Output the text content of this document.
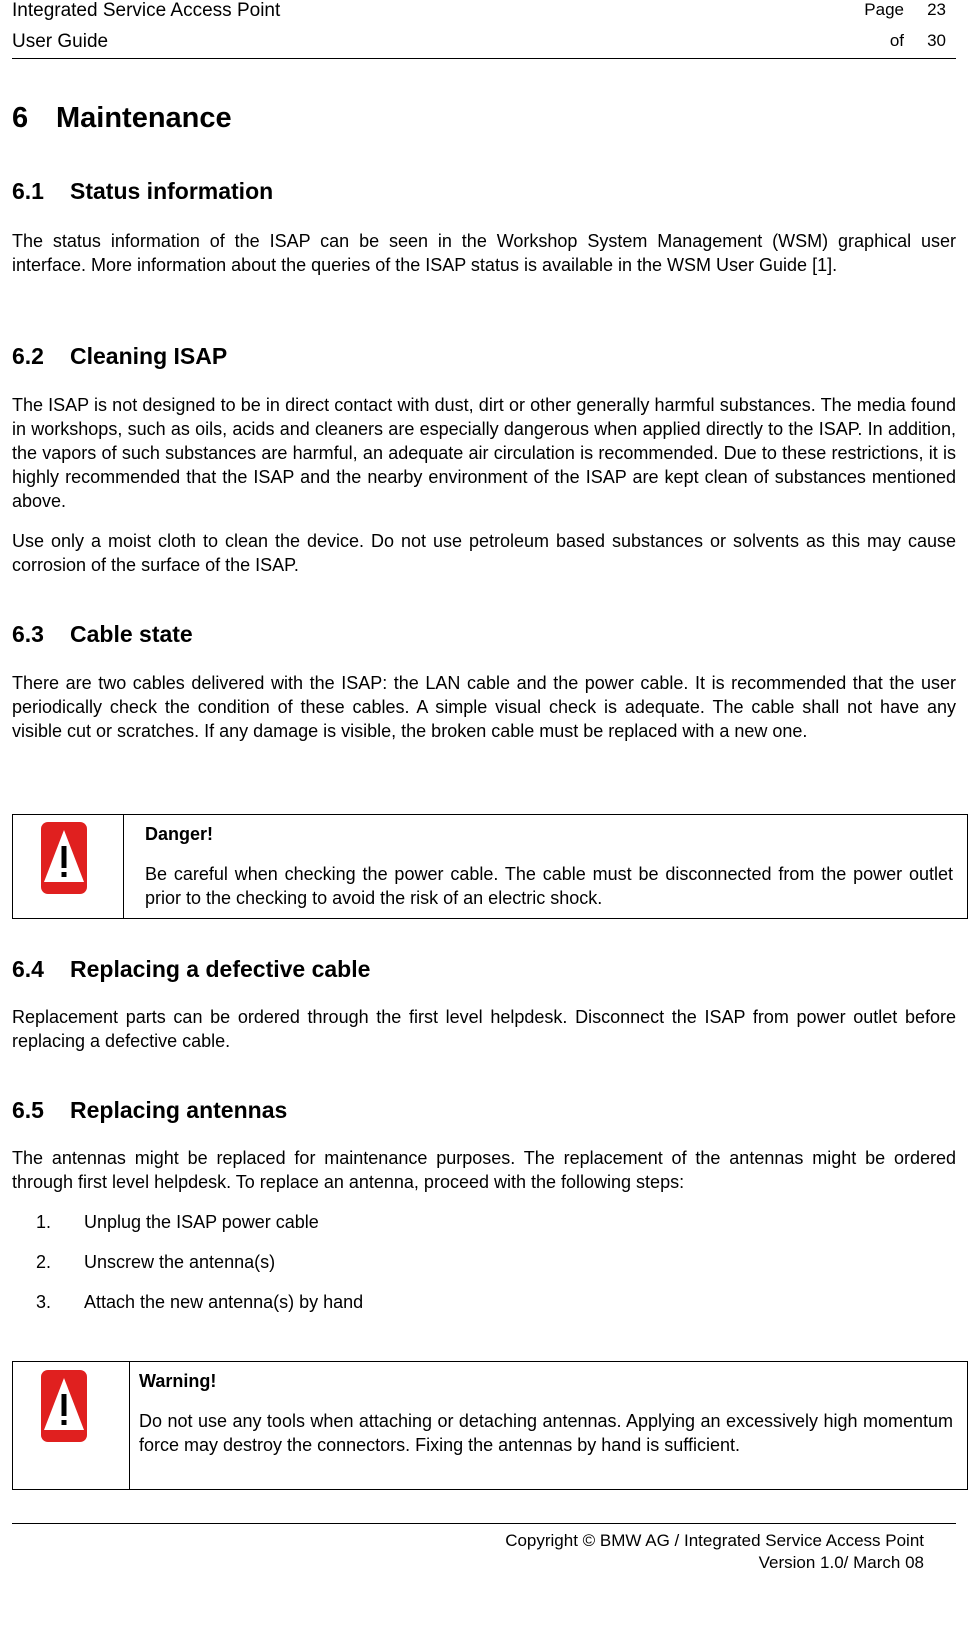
Integrated Service Access Point
User Guide
Page 23
of 30
6 Maintenance
6.1 Status information

The status information of the ISAP can be seen in the Workshop System Management (WSM) graphical user interface. More information about the queries of the ISAP status is available in the WSM User Guide [1].

6.2 Cleaning ISAP

The ISAP is not designed to be in direct contact with dust, dirt or other generally harmful substances. The media found in workshops, such as oils, acids and cleaners are especially dangerous when applied directly to the ISAP. In addition, the vapors of such substances are harmful, an adequate air circulation is recommended. Due to these restrictions, it is highly recommended that the ISAP and the nearby environment of the ISAP are kept clean of substances mentioned above.

Use only a moist cloth to clean the device. Do not use petroleum based substances or solvents as this may cause corrosion of the surface of the ISAP.

6.3 Cable state

There are two cables delivered with the ISAP: the LAN cable and the power cable. It is recommended that the user periodically check the condition of these cables. A simple visual check is adequate. The cable shall not have any visible cut or scratches. If any damage is visible, the broken cable must be replaced with a new one.

Danger!
Be careful when checking the power cable. The cable must be disconnected from the power outlet prior to the checking to avoid the risk of an electric shock.
6.4 Replacing a defective cable

Replacement parts can be ordered through the first level helpdesk. Disconnect the ISAP from power outlet before replacing a defective cable.

6.5 Replacing antennas

The antennas might be replaced for maintenance purposes. The replacement of the antennas might be ordered through first level helpdesk. To replace an antenna, proceed with the following steps:

1. Unplug the ISAP power cable
2. Unscrew the antenna(s)
3. Attach the new antenna(s) by hand
Warning!
Do not use any tools when attaching or detaching antennas. Applying an excessively high momentum force may destroy the connectors. Fixing the antennas by hand is sufficient.
Copyright © BMW AG / Integrated Service Access Point
Version 1.0/ March 08
